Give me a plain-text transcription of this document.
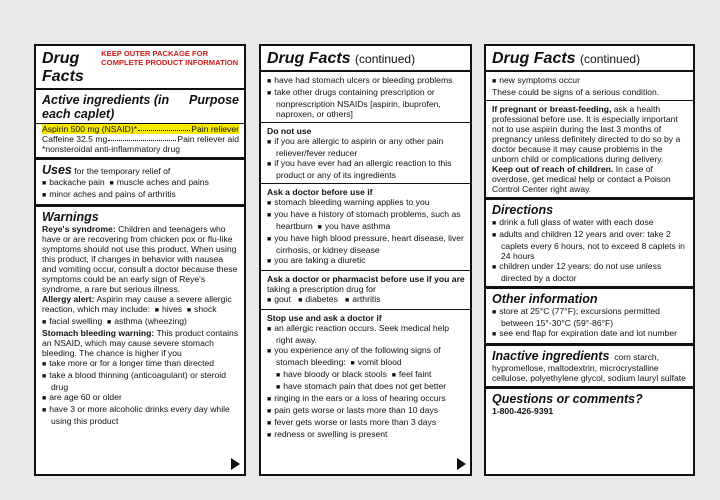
Drug Facts
KEEP OUTER PACKAGE FOR COMPLETE PRODUCT INFORMATION
Active ingredients (in each caplet)
Purpose
Aspirin 500 mg (NSAID)*	Pain reliever
Caffeine 32.5 mg	Pain reliever aid
*nonsteroidal anti-inflammatory drug
Uses for the temporary relief of
■ backache pain ■ muscle aches and pains
■ minor aches and pains of arthritis
Warnings
Reye's syndrome: Children and teenagers who have or are recovering from chicken pox or flu-like symptoms should not use this product. When using this product, if changes in behavior with nausea and vomiting occur, consult a doctor because these symptoms could be an early sign of Reye's syndrome, a rare but serious illness.
Allergy alert: Aspirin may cause a severe allergic reaction, which may include: ■ hives ■ shock
■ facial swelling ■ asthma (wheezing)
Stomach bleeding warning: This product contains an NSAID, which may cause severe stomach bleeding. The chance is higher if you
■ take more or for a longer time than directed
■ take a blood thinning (anticoagulant) or steroid drug
■ are age 60 or older
■ have 3 or more alcoholic drinks every day while using this product
Drug Facts (continued)
■ have had stomach ulcers or bleeding problems
■ take other drugs containing prescription or nonprescription NSAIDs [aspirin, ibuprofen, naproxen, or others]
Do not use
■ if you are allergic to aspirin or any other pain reliever/fever reducer
■ if you have ever had an allergic reaction to this product or any of its ingredients
Ask a doctor before use if
■ stomach bleeding warning applies to you
■ you have a history of stomach problems, such as heartburn ■ you have asthma
■ you have high blood pressure, heart disease, liver cirrhosis, or kidney disease
■ you are taking a diuretic
Ask a doctor or pharmacist before use if you are taking a prescription drug for
■ gout ■ diabetes ■ arthritis
Stop use and ask a doctor if
■ an allergic reaction occurs. Seek medical help right away.
■ you experience any of the following signs of stomach bleeding: ■ vomit blood
■ have bloody or black stools ■ feel faint
■ have stomach pain that does not get better
■ ringing in the ears or a loss of hearing occurs
■ pain gets worse or lasts more than 10 days
■ fever gets worse or lasts more than 3 days
■ redness or swelling is present
Drug Facts (continued)
■ new symptoms occur
These could be signs of a serious condition.
If pregnant or breast-feeding, ask a health professional before use. It is especially important not to use aspirin during the last 3 months of pregnancy unless definitely directed to do so by a doctor because it may cause problems in the unborn child or complications during delivery.
Keep out of reach of children. In case of overdose, get medical help or contact a Poison Control Center right away.
Directions
■ drink a full glass of water with each dose
■ adults and children 12 years and over: take 2 caplets every 6 hours, not to exceed 8 caplets in 24 hours
■ children under 12 years: do not use unless directed by a doctor
Other information
■ store at 25°C (77°F); excursions permitted between 15°-30°C (59°-86°F)
■ see end flap for expiration date and lot number
Inactive ingredients corn starch, hypromellose, maltodextrin, microcrystalline cellulose, polyethylene glycol, sodium lauryl sulfate
Questions or comments?
1-800-426-9391
